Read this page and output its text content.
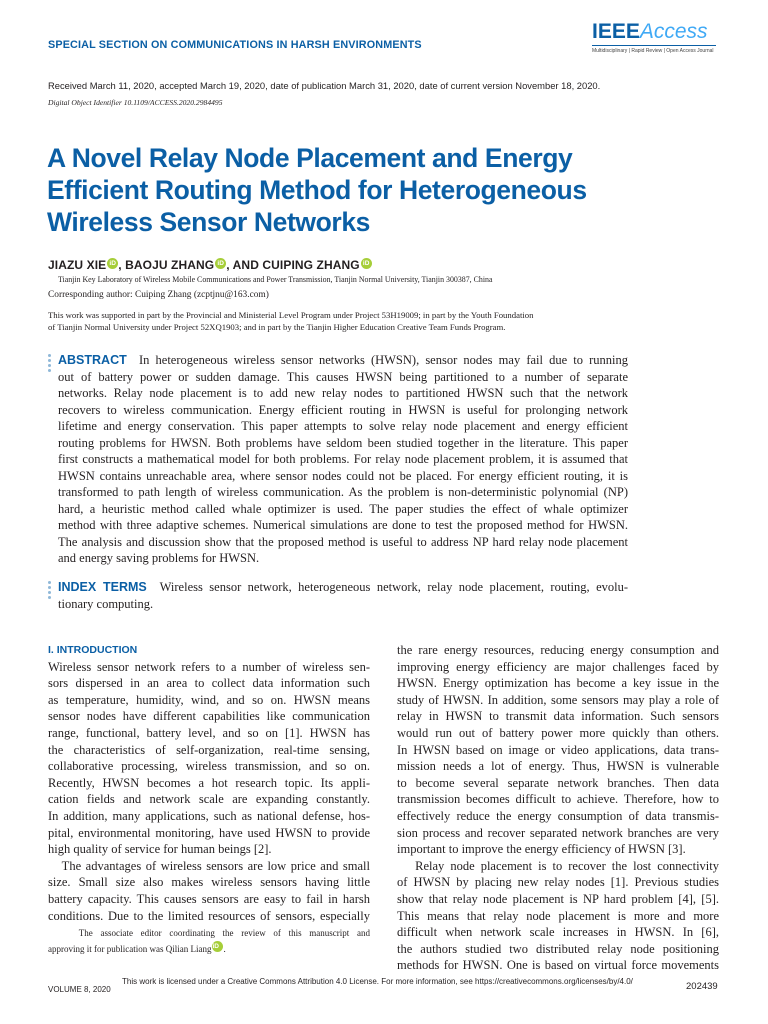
SPECIAL SECTION ON COMMUNICATIONS IN HARSH ENVIRONMENTS
IEEEAccess
Multidisciplinary | Rapid Review | Open Access Journal
Received March 11, 2020, accepted March 19, 2020, date of publication March 31, 2020, date of current version November 18, 2020.
Digital Object Identifier 10.1109/ACCESS.2020.2984495
A Novel Relay Node Placement and Energy
Efficient Routing Method for Heterogeneous
Wireless Sensor Networks
JIAZU XIE iD , BAOJU ZHANG iD , AND CUIPING ZHANG iD
Tianjin Key Laboratory of Wireless Mobile Communications and Power Transmission, Tianjin Normal University, Tianjin 300387, China
Corresponding author: Cuiping Zhang (zcptjnu@163.com)
This work was supported in part by the Provincial and Ministerial Level Program under Project 53H19009; in part by the Youth Foundation
of Tianjin Normal University under Project 52XQ1903; and in part by the Tianjin Higher Education Creative Team Funds Program.
ABSTRACT In heterogeneous wireless sensor networks (HWSN), sensor nodes may fail due to running
out of battery power or sudden damage. This causes HWSN being partitioned to a number of separate
networks. Relay node placement is to add new relay nodes to partitioned HWSN such that the network
recovers to wireless communication. Energy efficient routing in HWSN is useful for prolonging network
lifetime and energy conservation. This paper attempts to solve relay node placement and energy efficient
routing problems for HWSN. Both problems have seldom been studied together in the literature. This paper
first constructs a mathematical model for both problems. For relay node placement problem, it is assumed that
HWSN contains unreachable area, where sensor nodes could not be placed. For energy efficient routing, it is
transformed to path length of wireless communication. As the problem is non-deterministic polynomial (NP)
hard, a heuristic method called whale optimizer is used. The paper studies the effect of whale optimizer
method with three adaptive schemes. Numerical simulations are done to test the proposed method for HWSN.
The analysis and discussion show that the proposed method is useful to address NP hard relay node placement
and energy saving problems for HWSN.
INDEX TERMS Wireless sensor network, heterogeneous network, relay node placement, routing, evolu-
tionary computing.
I. INTRODUCTION
Wireless sensor network refers to a number of wireless sen-
sors dispersed in an area to collect data information such
as temperature, humidity, wind, and so on. HWSN means
sensor nodes have different capabilities like communication
range, functional, battery level, and so on [1]. HWSN has
the characteristics of self-organization, real-time sensing,
collaborative processing, wireless transmission, and so on.
Recently, HWSN becomes a hot research topic. Its appli-
cation fields and network scale are expanding constantly.
In addition, many applications, such as national defense, hos-
pital, environmental monitoring, have used HWSN to provide
high quality of service for human beings [2].
The advantages of wireless sensors are low price and small
size. Small size also makes wireless sensors having little
battery capacity. This causes sensors are easy to fail in harsh
conditions. Due to the limited resources of sensors, especially
The associate editor coordinating the review of this manuscript and
approving it for publication was Qilian LiangiD .
the rare energy resources, reducing energy consumption and
improving energy efficiency are major challenges faced by
HWSN. Energy optimization has become a key issue in the
study of HWSN. In addition, some sensors may play a role of
relay in HWSN to transmit data information. Such sensors
would run out of battery power more quickly than others.
In HWSN based on image or video applications, data trans-
mission needs a lot of energy. Thus, HWSN is vulnerable
to become several separate network branches. Then data
transmission becomes difficult to achieve. Therefore, how to
effectively reduce the energy consumption of data transmis-
sion process and recover separated network branches are very
important to improve the energy efficiency of HWSN [3].
Relay node placement is to recover the lost connectivity
of HWSN by placing new relay nodes [1]. Previous studies
show that relay node placement is NP hard problem [4], [5].
This means that relay node placement is more and more
difficult when network scale increases in HWSN. In [6],
the authors studied two distributed relay node positioning
methods for HWSN. One is based on virtual force movements
VOLUME 8, 2020
This work is licensed under a Creative Commons Attribution 4.0 License. For more information, see https://creativecommons.org/licenses/by/4.0/	202439
